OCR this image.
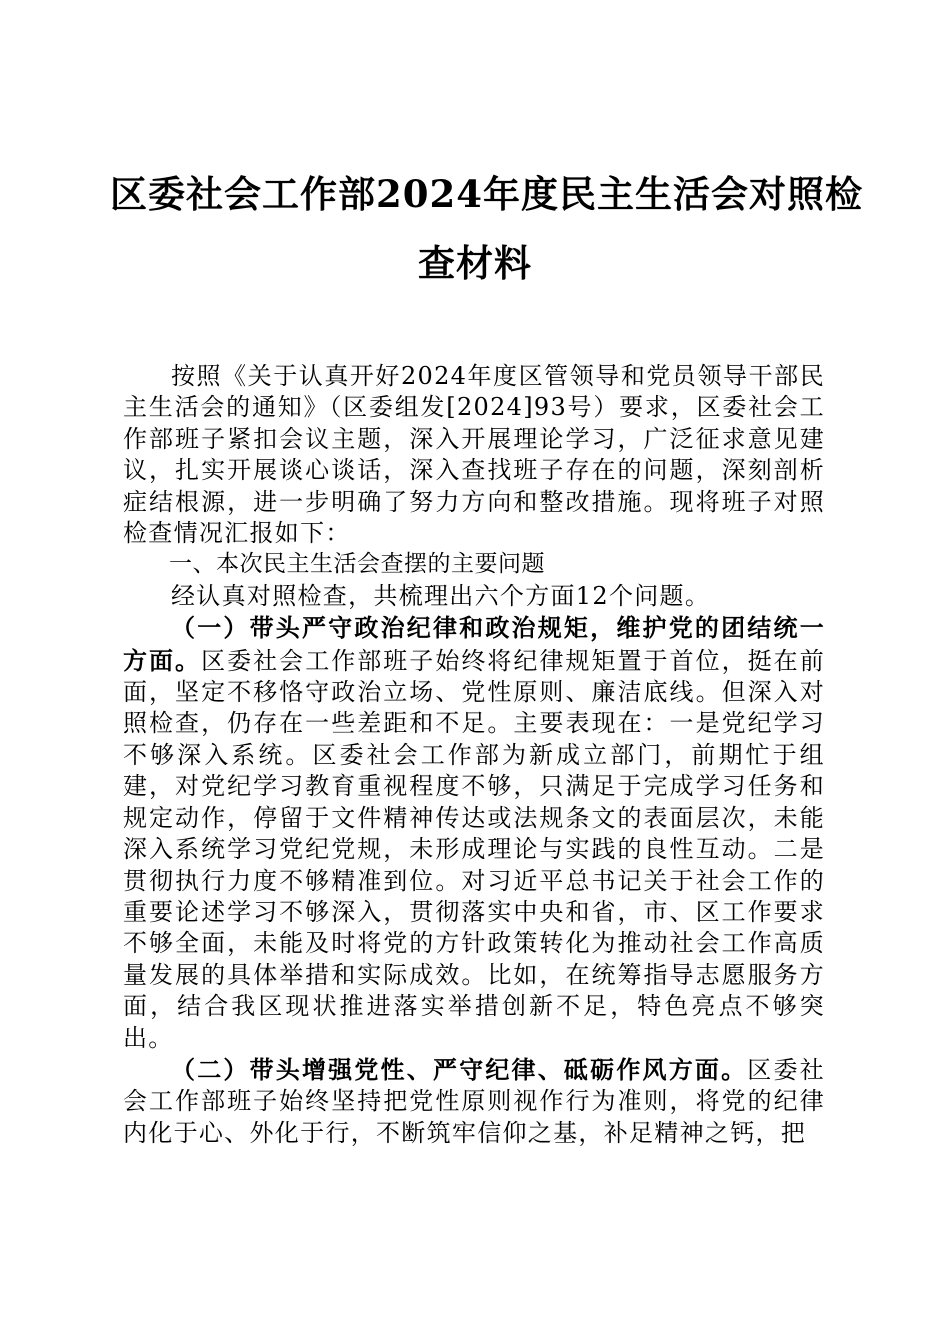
区委社会工作部2024年度民主生活会对照检
查材料

按照《关于认真开好2024年度区管领导和党员领导干部民主生活会的通知》（区委组发[2024]93号）要求，区委社会工作部班子紧扣会议主题，深入开展理论学习，广泛征求意见建议，扎实开展谈心谈话，深入查找班子存在的问题，深刻剖析症结根源，进一步明确了努力方向和整改措施。现将班子对照检查情况汇报如下：

一、本次民主生活会查摆的主要问题

经认真对照检查，共梳理出六个方面12个问题。

（一）带头严守政治纪律和政治规矩，维护党的团结统一方面。区委社会工作部班子始终将纪律规矩置于首位，挺在前面，坚定不移恪守政治立场、党性原则、廉洁底线。但深入对照检查，仍存在一些差距和不足。主要表现在：一是党纪学习不够深入系统。区委社会工作部为新成立部门，前期忙于组建，对党纪学习教育重视程度不够，只满足于完成学习任务和规定动作，停留于文件精神传达或法规条文的表面层次，未能深入系统学习党纪党规，未形成理论与实践的良性互动。二是贯彻执行力度不够精准到位。对习近平总书记关于社会工作的重要论述学习不够深入，贯彻落实中央和省，市、区工作要求不够全面，未能及时将党的方针政策转化为推动社会工作高质量发展的具体举措和实际成效。比如，在统筹指导志愿服务方面，结合我区现状推进落实举措创新不足，特色亮点不够突出。

（二）带头增强党性、严守纪律、砥砺作风方面。区委社会工作部班子始终坚持把党性原则视作行为准则，将党的纪律内化于心、外化于行，不断筑牢信仰之基，补足精神之钙，把
